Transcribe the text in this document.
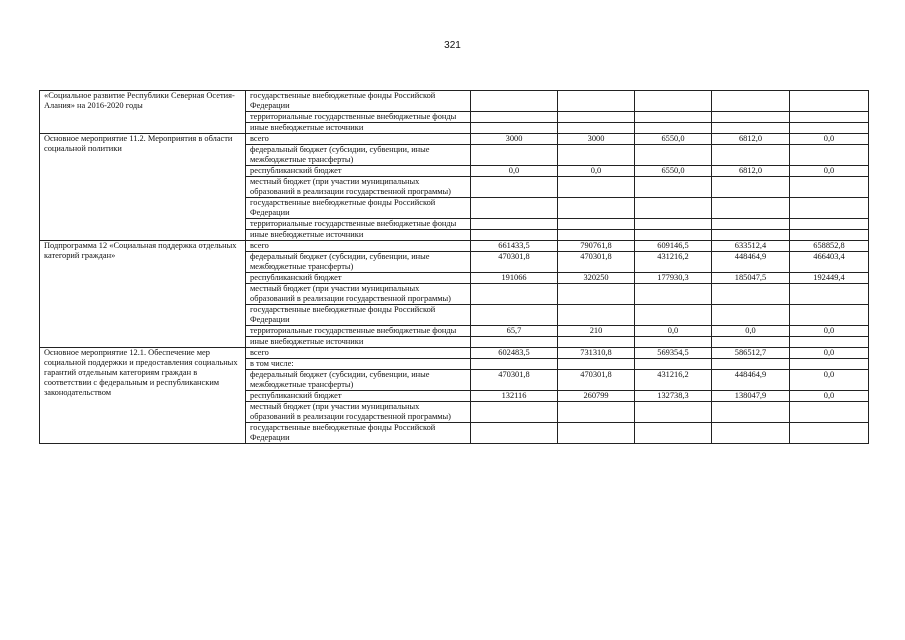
321
«Социальное развитие Республики Северная Осетия-Алания» на 2016-2020 годы	государственные внебюджетные фонды Российской Федерации					
	территориальные государственные внебюджетные фонды					
	иные внебюджетные источники					
Основное мероприятие 11.2. Мероприятия в области социальной политики	всего	3000	3000	6550,0	6812,0	0,0
	федеральный бюджет (субсидии, субвенции, иные межбюджетные трансферты)					
	республиканский бюджет	0,0	0,0	6550,0	6812,0	0,0
	местный бюджет (при участии муниципальных образований в реализации государственной программы)					
	государственные внебюджетные фонды Российской Федерации					
	территориальные государственные внебюджетные фонды					
	иные внебюджетные источники					
Подпрограмма 12 «Социальная поддержка отдельных категорий граждан»	всего	661433,5	790761,8	609146,5	633512,4	658852,8
	федеральный бюджет (субсидии, субвенции, иные межбюджетные трансферты)	470301,8	470301,8	431216,2	448464,9	466403,4
	республиканский бюджет	191066	320250	177930,3	185047,5	192449,4
	местный бюджет (при участии муниципальных образований в реализации государственной программы)					
	государственные внебюджетные фонды Российской Федерации					
	территориальные государственные внебюджетные фонды	65,7	210	0,0	0,0	0,0
	иные внебюджетные источники					
Основное мероприятие 12.1. Обеспечение мер социальной поддержки и предоставления социальных гарантий отдельным категориям граждан в соответствии с федеральным и республиканским законодательством	всего	602483,5	731310,8	569354,5	586512,7	0,0
	в том числе:					
	федеральный бюджет (субсидии, субвенции, иные межбюджетные трансферты)	470301,8	470301,8	431216,2	448464,9	0,0
	республиканский бюджет	132116	260799	132738,3	138047,9	0,0
	местный бюджет (при участии муниципальных образований в реализации государственной программы)					
	государственные внебюджетные фонды Российской Федерации					
